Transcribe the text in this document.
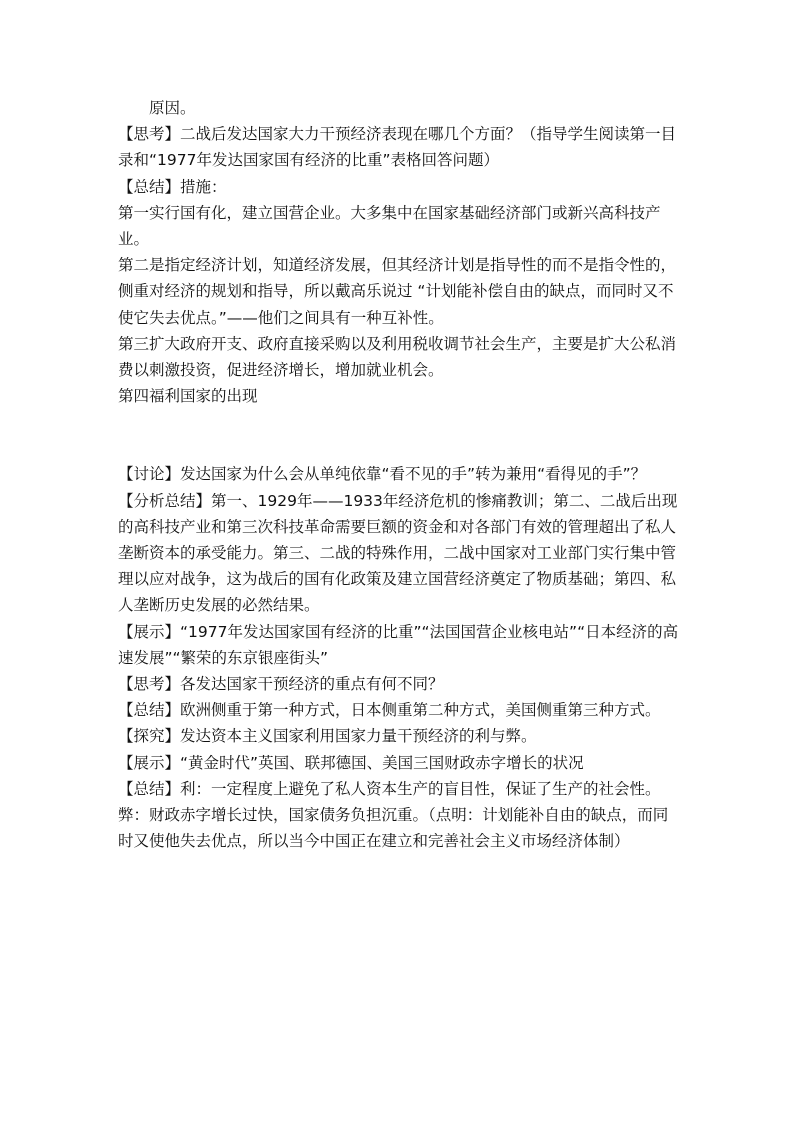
原因。

【思考】二战后发达国家大力干预经济表现在哪几个方面？（指导学生阅读第一目录和“1977年发达国家国有经济的比重”表格回答问题）

【总结】措施：

第一实行国有化，建立国营企业。大多集中在国家基础经济部门或新兴高科技产业。

第二是指定经济计划，知道经济发展，但其经济计划是指导性的而不是指令性的，侧重对经济的规划和指导，所以戴高乐说过 “计划能补偿自由的缺点，而同时又不使它失去优点。”——他们之间具有一种互补性。

第三扩大政府开支、政府直接采购以及利用税收调节社会生产，主要是扩大公私消费以刺激投资，促进经济增长，增加就业机会。

第四福利国家的出现

【讨论】发达国家为什么会从单纯依靠“看不见的手”转为兼用“看得见的手”？

【分析总结】第一、1929年——1933年经济危机的惨痛教训；第二、二战后出现的高科技产业和第三次科技革命需要巨额的资金和对各部门有效的管理超出了私人垄断资本的承受能力。第三、二战的特殊作用，二战中国家对工业部门实行集中管理以应对战争，这为战后的国有化政策及建立国营经济奠定了物质基础；第四、私人垄断历史发展的必然结果。

【展示】“1977年发达国家国有经济的比重”“法国国营企业核电站”“日本经济的高速发展”“繁荣的东京银座街头”

【思考】各发达国家干预经济的重点有何不同？

【总结】欧洲侧重于第一种方式，日本侧重第二种方式，美国侧重第三种方式。

【探究】发达资本主义国家利用国家力量干预经济的利与弊。

【展示】“黄金时代”英国、联邦德国、美国三国财政赤字增长的状况

【总结】利：一定程度上避免了私人资本生产的盲目性，保证了生产的社会性。弊：财政赤字增长过快，国家债务负担沉重。（点明：计划能补自由的缺点，而同时又使他失去优点，所以当今中国正在建立和完善社会主义市场经济体制）
